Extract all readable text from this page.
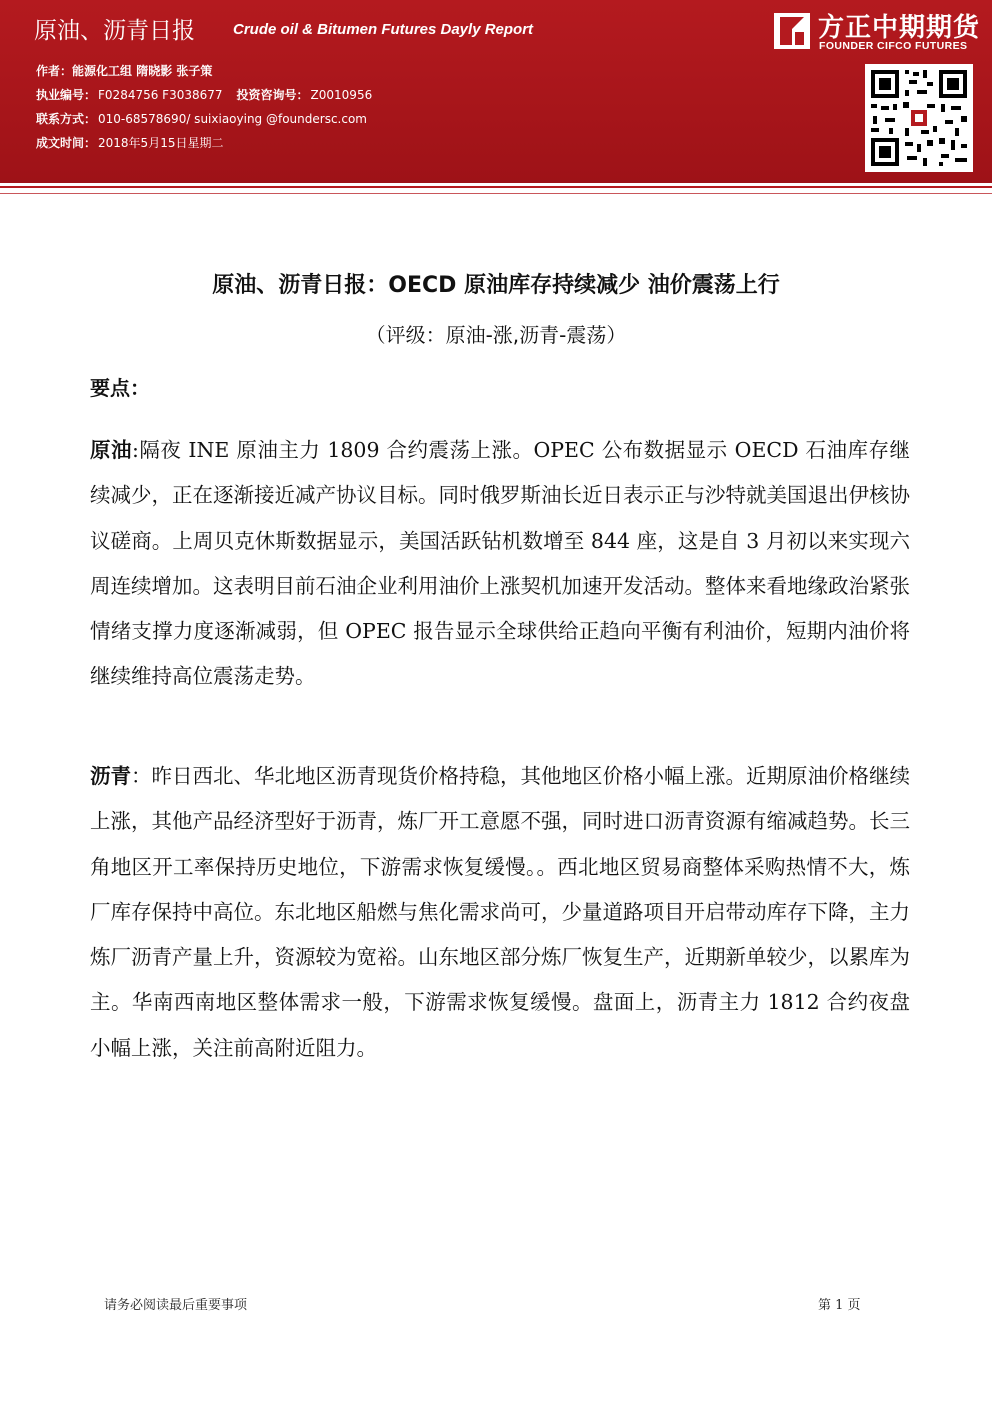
原油、沥青日报	Crude oil & Bitumen Futures Dayly Report
作者：能源化工组 隋晓影 张子策
执业编号： F0284756 F3038677 投资咨询号： Z0010956
联系方式： 010-68578690/ suixiaoying @foundersc.com
成文时间： 2018年5月15日星期二
方正中期期货
FOUNDER CIFCO FUTURES
原油、沥青日报：OECD 原油库存持续减少 油价震荡上行
（评级：原油-涨,沥青-震荡）
要点：
原油:隔夜 INE 原油主力 1809 合约震荡上涨。OPEC 公布数据显示 OECD 石油库存继续减少，正在逐渐接近减产协议目标。同时俄罗斯油长近日表示正与沙特就美国退出伊核协议磋商。上周贝克休斯数据显示，美国活跃钻机数增至 844 座，这是自 3 月初以来实现六周连续增加。这表明目前石油企业利用油价上涨契机加速开发活动。整体来看地缘政治紧张情绪支撑力度逐渐减弱，但 OPEC 报告显示全球供给正趋向平衡有利油价，短期内油价将继续维持高位震荡走势。
沥青：昨日西北、华北地区沥青现货价格持稳，其他地区价格小幅上涨。近期原油价格继续上涨，其他产品经济型好于沥青，炼厂开工意愿不强，同时进口沥青资源有缩减趋势。长三角地区开工率保持历史地位，下游需求恢复缓慢。。西北地区贸易商整体采购热情不大，炼厂库存保持中高位。东北地区船燃与焦化需求尚可，少量道路项目开启带动库存下降，主力炼厂沥青产量上升，资源较为宽裕。山东地区部分炼厂恢复生产，近期新单较少，以累库为主。华南西南地区整体需求一般，下游需求恢复缓慢。盘面上，沥青主力 1812 合约夜盘小幅上涨，关注前高附近阻力。
请务必阅读最后重要事项	第 1 页
